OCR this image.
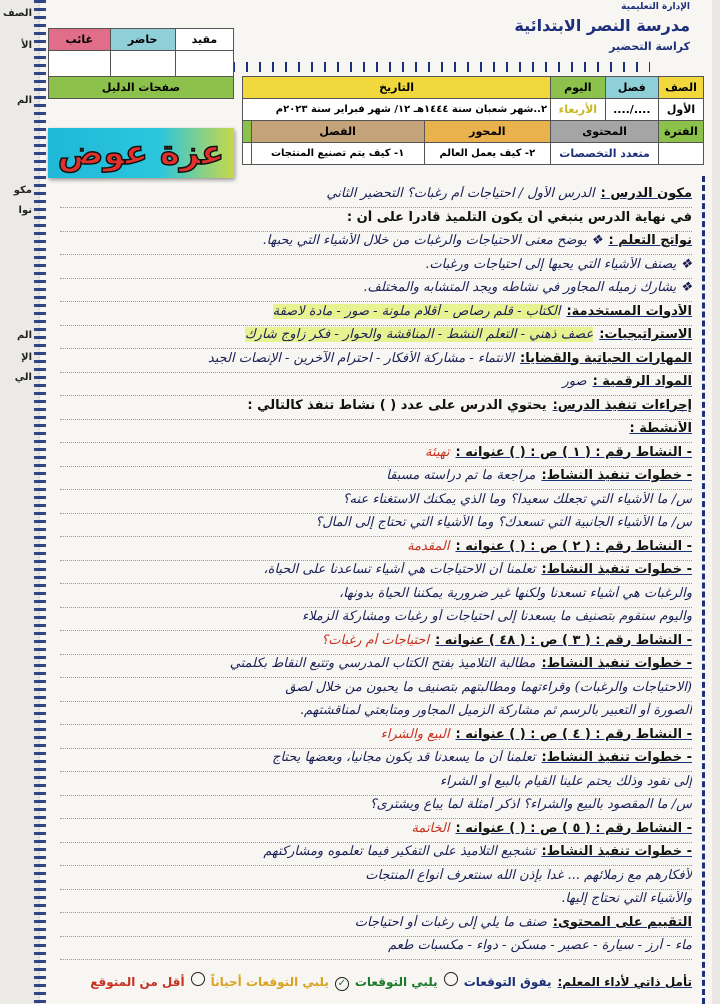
الصف
الأ
الم
مكو
نوا
الم
الإ
الي
الإدارة التعليمية
مدرسة النصر الابتدائية
كراسة التحضير
مقيد	حاضر	غائب

صفحات الدليل			الصف	فصل	اليوم	التاريخ		
الأول	..../....	الأربعاء	٢..شهر شعبان سنة ١٤٤٤هـ ١٢/ شهر فبراير سنة ٢٠٢٣م		
الفترة	المحتوى		المحور	الفصل	
	متعدد التخصصات		٢- كيف يعمل العالم	١- كيف يتم تصنيع المنتجات	
عزة عوض
مكون الدرس :
الدرس الأول / احتياجات أم رغبات؟ التحضير الثاني
في نهاية الدرس ينبغي أن يكون التلميذ قادراً على أن :
نواتج التعلم :
❖ يوضح معنى الاحتياجات والرغبات من خلال الأشياء التي يحبها.
❖ يصنف الأشياء التي يحبها إلى احتياجات ورغبات.
❖ يشارك زميله المجاور في نشاطه ويجد المتشابه والمختلف.
الأدوات المستخدمة:
الكتاب - قلم رصاص - أقلام ملونة - صور - مادة لاصقة
الاستراتيجيات:
عصف ذهني - التعلم النشط - المناقشة والحوار - فكر زاوج شارك
المهارات الحياتية والقضايا:
الانتماء - مشاركة الأفكار - احترام الآخرين - الإنصات الجيد
المواد الرقمية :
صور
إجراءات تنفيذ الدرس:
يحتوي الدرس على عدد ( ) نشاط تنفذ كالتالي :
الأنشطة :
- النشاط رقم : ( ١ ) ص : ( ) عنوانه :
تهيئة
- خطوات تنفيذ النشاط:
مراجعة ما تم دراسته مسبقاً
س/ ما الأشياء التي تجعلك سعيداً؟ وما الذي يمكنك الاستغناء عنه؟
س/ ما الأشياء الجانبية التي تسعدك؟ وما الأشياء التي تحتاج إلى المال؟
- النشاط رقم : ( ٢ ) ص : ( ) عنوانه :
المقدمة
- خطوات تنفيذ النشاط:
تعلمنا أن الاحتياجات هي أشياء تساعدنا على الحياة،
والرغبات هي أشياء تسعدنا ولكنها غير ضرورية يمكننا الحياة بدونها،
واليوم سنقوم بتصنيف ما يسعدنا إلى احتياجات أو رغبات ومشاركة الزملاء
- النشاط رقم : ( ٣ ) ص : ( ٤٨ ) عنوانه :
احتياجات أم رغبات؟
- خطوات تنفيذ النشاط:
مطالبة التلاميذ بفتح الكتاب المدرسي وتتبع النقاط بكلمتي
(الاحتياجات والرغبات) وقراءتهما ومطالبتهم بتصنيف ما يحبون من خلال لصق
الصورة أو التعبير بالرسم ثم مشاركة الزميل المجاور ومتابعتي لمناقشتهم.
- النشاط رقم : ( ٤ ) ص : ( ) عنوانه :
البيع والشراء
- خطوات تنفيذ النشاط:
تعلمنا أن ما يسعدنا قد يكون مجانياً، وبعضها يحتاج
إلى نقود وذلك يحتم علينا القيام بالبيع أو الشراء
س/ ما المقصود بالبيع والشراء؟ اذكر أمثلة لما يباع ويشترى؟
- النشاط رقم : ( ٥ ) ص : ( ) عنوانه :
الخاتمة
- خطوات تنفيذ النشاط:
تشجيع التلاميذ على التفكير فيما تعلموه ومشاركتهم
لأفكارهم مع زملائهم ... غداً بإذن الله سنتعرف أنواع المنتجات
والأشياء التي نحتاج إليها.
التقييم على المحتوى:
صنف ما يلي إلى رغبات أو احتياجات
ماء - أرز - سيارة - عصير - مسكن - دواء - مكسبات طعم
تأمل ذاتي لأداء المعلم:
يفوق التوقعات
يلبي التوقعات
✓
يلبي التوقعات أحياناً
أقل من المتوقع
